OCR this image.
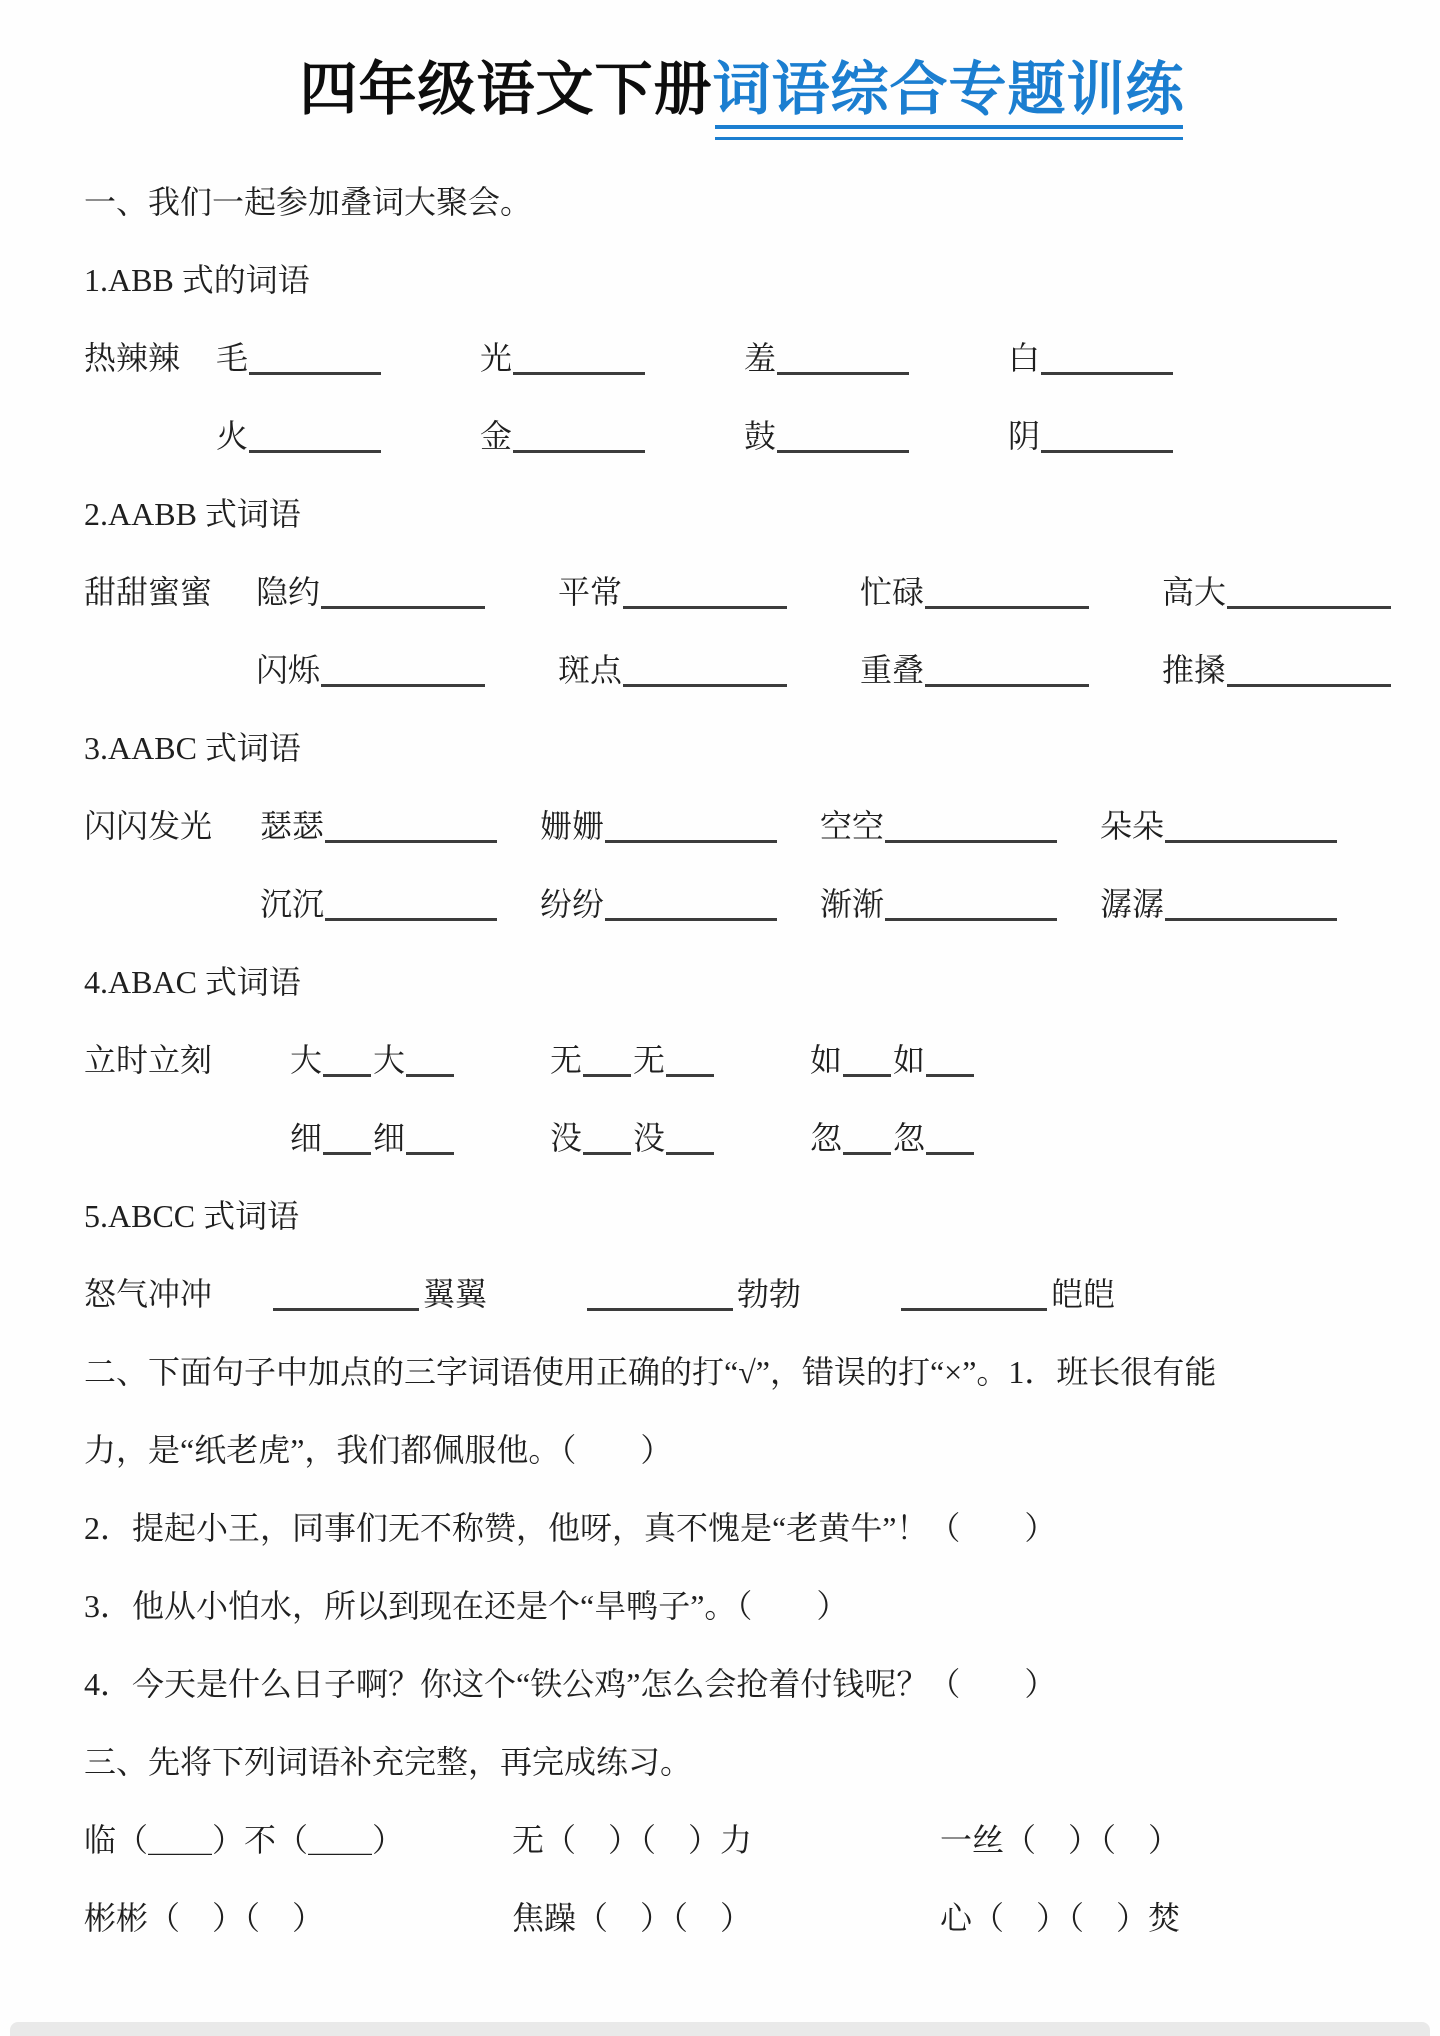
四年级语文下册词语综合专题训练
一、我们一起参加叠词大聚会。
1.ABB 式的词语
热辣辣	毛	光	羞	白
火	金	鼓	阴
2.AABB 式词语
甜甜蜜蜜	隐约	平常	忙碌	高大
闪烁	斑点	重叠	推搡
3.AABC 式词语
闪闪发光	瑟瑟	姗姗	空空	朵朵
沉沉	纷纷	渐渐	潺潺
4.ABAC 式词语
立时立刻	大 大	无 无	如 如
细 细	没 没	忽 忽
5.ABCC 式词语
怒气冲冲	翼翼	勃勃	皑皑
二、下面句子中加点的三字词语使用正确的打“√”，错误的打“×”。1．班长很有能
力，是“纸老虎”，我们都佩服他。（　　）
2．提起小王，同事们无不称赞，他呀，真不愧是“老黄牛”！（　　）
3．他从小怕水，所以到现在还是个“旱鸭子”。（　　）
4．今天是什么日子啊？你这个“铁公鸡”怎么会抢着付钱呢？（　　）
三、先将下列词语补充完整，再完成练习。
临（＿＿）不（＿＿）	无（　）（　）力	一丝（　）（　）
彬彬（　）（　）	焦躁（　）（　）	心（　）（　）焚
